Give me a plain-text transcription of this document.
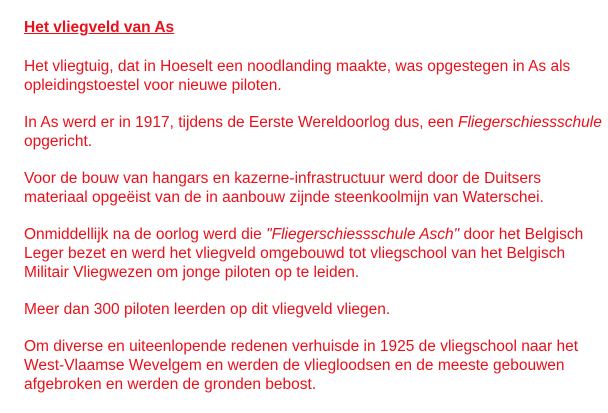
Het vliegveld van As

Het vliegtuig, dat in Hoeselt een noodlanding maakte, was opgestegen in As als opleidingstoestel voor nieuwe piloten.

In As werd er in 1917, tijdens de Eerste Wereldoorlog dus, een Fliegerschiessschule opgericht.

Voor de bouw van hangars en kazerne-infrastructuur werd door de Duitsers materiaal opgeëist van de in aanbouw zijnde steenkoolmijn van Waterschei.

Onmiddellijk na de oorlog werd die "Fliegerschiessschule Asch" door het Belgisch Leger bezet en werd het vliegveld omgebouwd tot vliegschool van het Belgisch Militair Vliegwezen om jonge piloten op te leiden.

Meer dan 300 piloten leerden op dit vliegveld vliegen.

Om diverse en uiteenlopende redenen verhuisde in 1925 de vliegschool naar het West-Vlaamse Wevelgem en werden de vliegloodsen en de meeste gebouwen afgebroken en werden de gronden bebost.
